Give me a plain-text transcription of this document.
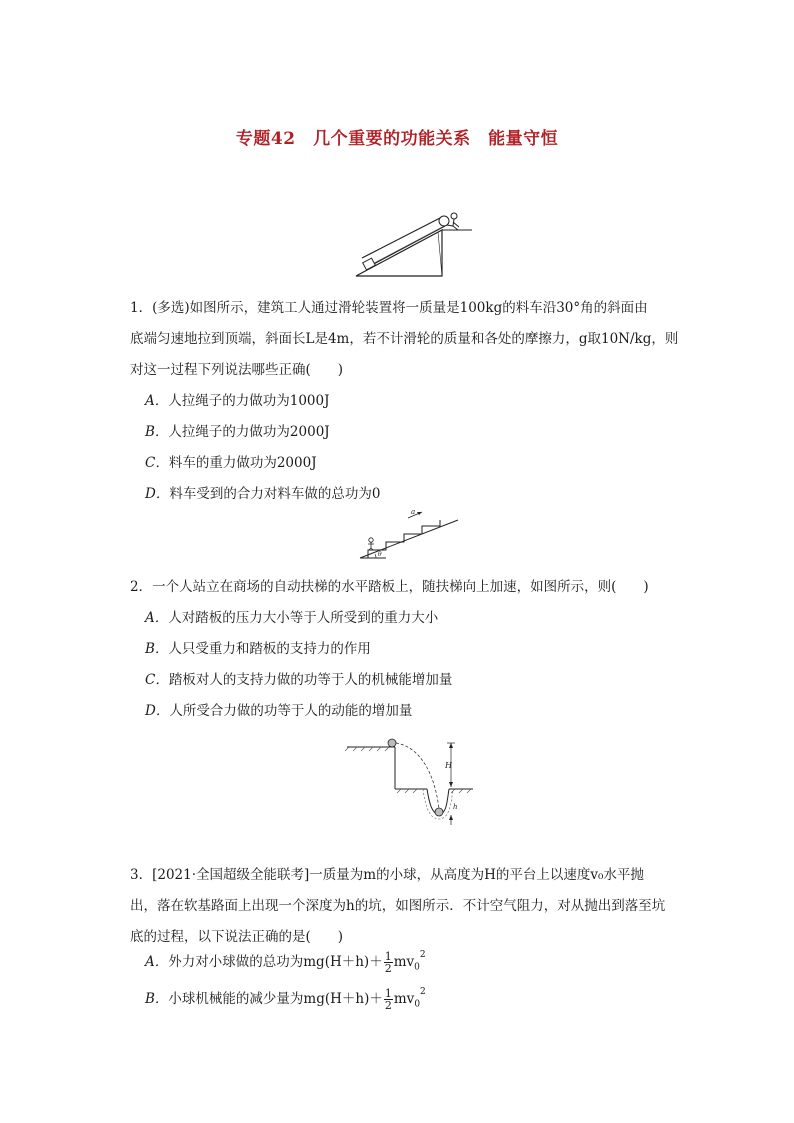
专题42　几个重要的功能关系　能量守恒
1．(多选)如图所示，建筑工人通过滑轮装置将一质量是100kg的料车沿30°角的斜面由
底端匀速地拉到顶端，斜面长L是4m，若不计滑轮的质量和各处的摩擦力，g取10N/kg，则
对这一过程下列说法哪些正确(　　)
A．人拉绳子的力做功为1000J
B．人拉绳子的力做功为2000J
C．料车的重力做功为2000J
D．料车受到的合力对料车做的总功为0
a
θ
2．一个人站立在商场的自动扶梯的水平踏板上，随扶梯向上加速，如图所示，则(　　)
A．人对踏板的压力大小等于人所受到的重力大小
B．人只受重力和踏板的支持力的作用
C．踏板对人的支持力做的功等于人的机械能增加量
D．人所受合力做的功等于人的动能的增加量
H
h
3．[2021·全国超级全能联考]一质量为m的小球，从高度为H的平台上以速度v₀水平抛
出，落在软基路面上出现一个深度为h的坑，如图所示．不计空气阻力，对从抛出到落至坑
底的过程，以下说法正确的是(　　)
A．外力对小球做的总功为$mg(H+h)+ \frac{1}{2} mv_0^2$
B．小球机械能的减少量为$mg(H+h)+ \frac{1}{2} mv_0^2$
